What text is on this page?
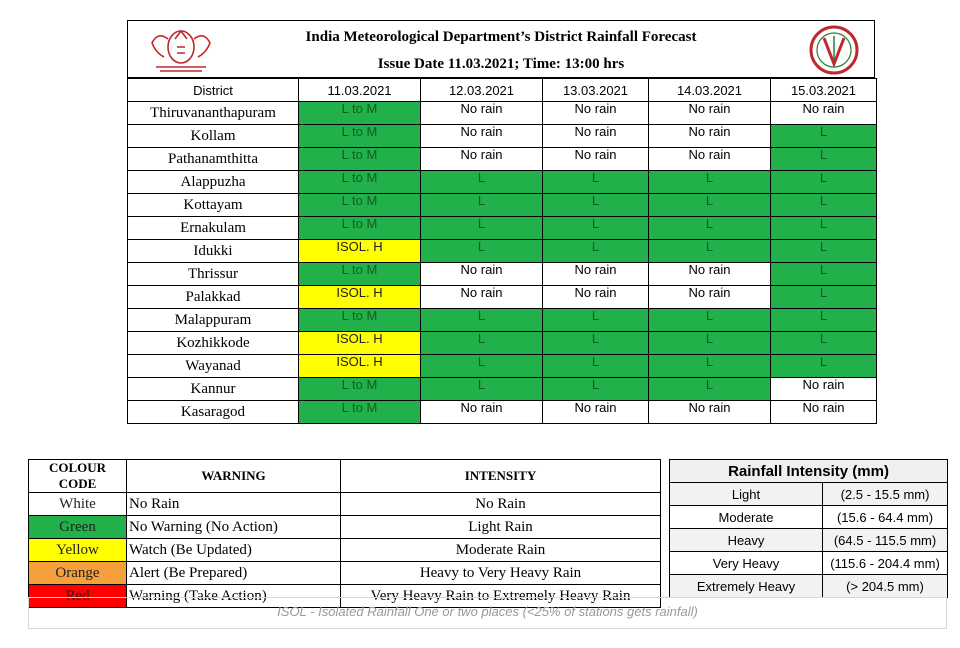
India Meteorological Department’s District Rainfall Forecast
Issue Date 11.03.2021; Time: 13:00 hrs
District	11.03.2021	12.03.2021	13.03.2021	14.03.2021	15.03.2021
Thiruvananthapuram	L to M	No rain	No rain	No rain	No rain
Kollam	L to M	No rain	No rain	No rain	L
Pathanamthitta	L to M	No rain	No rain	No rain	L
Alappuzha	L to M	L	L	L	L
Kottayam	L to M	L	L	L	L
Ernakulam	L to M	L	L	L	L
Idukki	ISOL. H	L	L	L	L
Thrissur	L to M	No rain	No rain	No rain	L
Palakkad	ISOL. H	No rain	No rain	No rain	L
Malappuram	L to M	L	L	L	L
Kozhikkode	ISOL. H	L	L	L	L
Wayanad	ISOL. H	L	L	L	L
Kannur	L to M	L	L	L	No rain
Kasaragod	L to M	No rain	No rain	No rain	No rain
COLOUR CODE	WARNING	INTENSITY
White	No Rain	No Rain
Green	No Warning (No Action)	Light Rain
Yellow	Watch (Be Updated)	Moderate Rain
Orange	Alert (Be Prepared)	Heavy to Very Heavy Rain
Red	Warning (Take Action)	Very Heavy Rain to Extremely Heavy Rain
Rainfall Intensity (mm)	
Light	(2.5 - 15.5 mm)
Moderate	(15.6 - 64.4 mm)
Heavy	(64.5 - 115.5 mm)
Very Heavy	(115.6 - 204.4 mm)
Extremely Heavy	(> 204.5 mm)
ISOL - Isolated Rainfall One or two places (<25% of stations gets rainfall)
